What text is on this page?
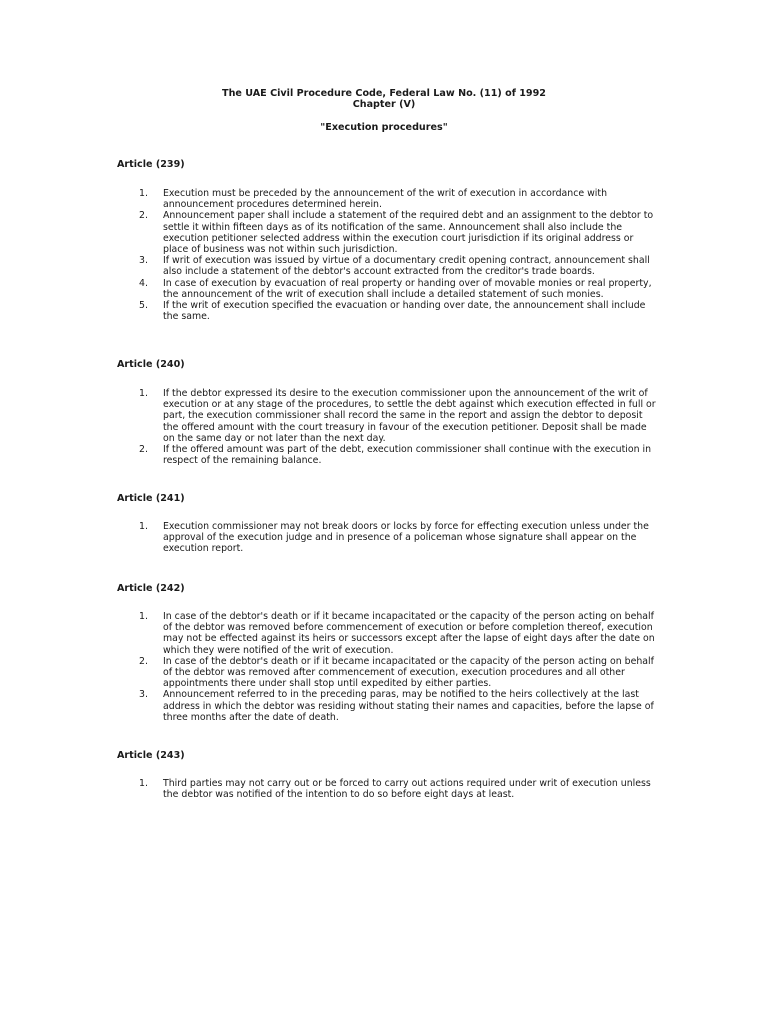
The UAE Civil Procedure Code, Federal Law No. (11) of 1992
Chapter (V)
"Execution procedures"
Article (239)
1. Execution must be preceded by the announcement of the writ of execution in accordance with announcement procedures determined herein.
2. Announcement paper shall include a statement of the required debt and an assignment to the debtor to settle it within fifteen days as of its notification of the same. Announcement shall also include the execution petitioner selected address within the execution court jurisdiction if its original address or place of business was not within such jurisdiction.
3. If writ of execution was issued by virtue of a documentary credit opening contract, announcement shall also include a statement of the debtor's account extracted from the creditor's trade boards.
4. In case of execution by evacuation of real property or handing over of movable monies or real property, the announcement of the writ of execution shall include a detailed statement of such monies.
5. If the writ of execution specified the evacuation or handing over date, the announcement shall include the same.
Article (240)
1. If the debtor expressed its desire to the execution commissioner upon the announcement of the writ of execution or at any stage of the procedures, to settle the debt against which execution effected in full or part, the execution commissioner shall record the same in the report and assign the debtor to deposit the offered amount with the court treasury in favour of the execution petitioner. Deposit shall be made on the same day or not later than the next day.
2. If the offered amount was part of the debt, execution commissioner shall continue with the execution in respect of the remaining balance.
Article (241)
1. Execution commissioner may not break doors or locks by force for effecting execution unless under the approval of the execution judge and in presence of a policeman whose signature shall appear on the execution report.
Article (242)
1. In case of the debtor's death or if it became incapacitated or the capacity of the person acting on behalf of the debtor was removed before commencement of execution or before completion thereof, execution may not be effected against its heirs or successors except after the lapse of eight days after the date on which they were notified of the writ of execution.
2. In case of the debtor's death or if it became incapacitated or the capacity of the person acting on behalf of the debtor was removed after commencement of execution, execution procedures and all other appointments there under shall stop until expedited by either parties.
3. Announcement referred to in the preceding paras, may be notified to the heirs collectively at the last address in which the debtor was residing without stating their names and capacities, before the lapse of three months after the date of death.
Article (243)
1. Third parties may not carry out or be forced to carry out actions required under writ of execution unless the debtor was notified of the intention to do so before eight days at least.
